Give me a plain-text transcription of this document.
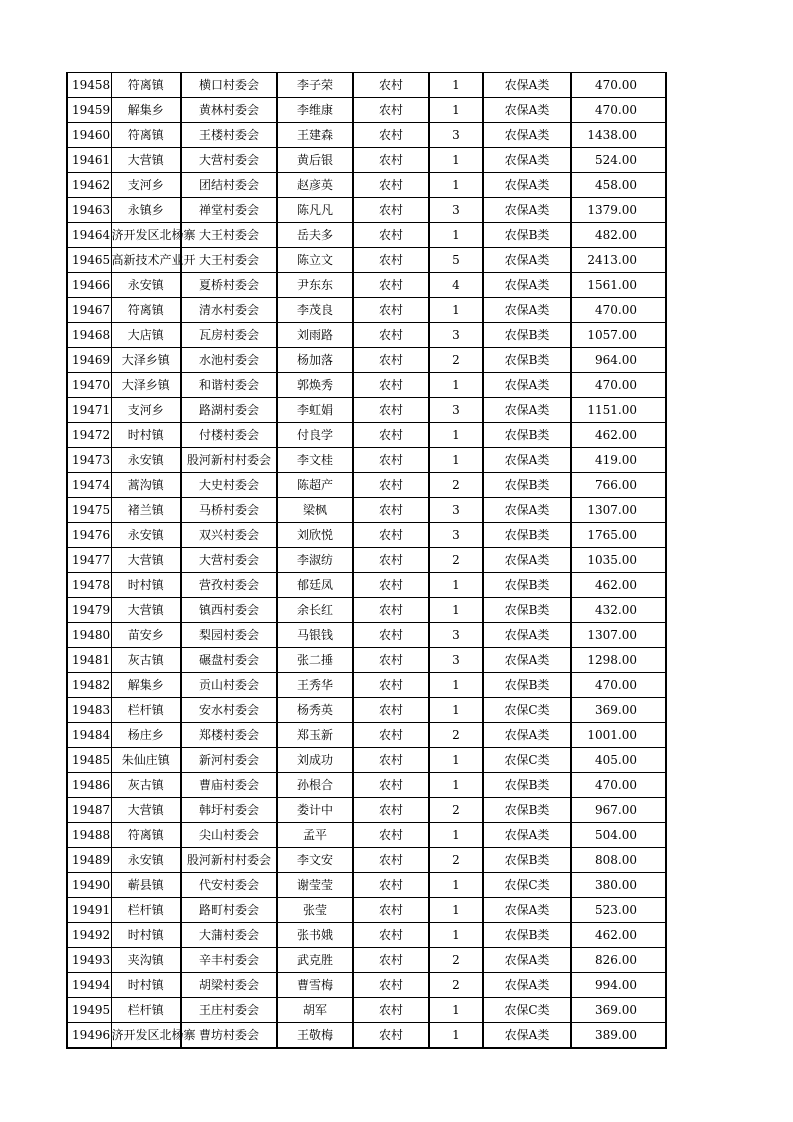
19458	符离镇	横口村委会	李子荣	农村	1	农保A类	470.00
19459	解集乡	黄林村委会	李维康	农村	1	农保A类	470.00
19460	符离镇	王楼村委会	王建森	农村	3	农保A类	1438.00
19461	大营镇	大营村委会	黄后银	农村	1	农保A类	524.00
19462	支河乡	团结村委会	赵彦英	农村	1	农保A类	458.00
19463	永镇乡	禅堂村委会	陈凡凡	农村	3	农保A类	1379.00
19464	济开发区北杨寨	大王村委会	岳夫多	农村	1	农保B类	482.00
19465	高新技术产业开	大王村委会	陈立文	农村	5	农保A类	2413.00
19466	永安镇	夏桥村委会	尹东东	农村	4	农保A类	1561.00
19467	符离镇	清水村委会	李茂良	农村	1	农保A类	470.00
19468	大店镇	瓦房村委会	刘雨路	农村	3	农保B类	1057.00
19469	大泽乡镇	水池村委会	杨加落	农村	2	农保B类	964.00
19470	大泽乡镇	和谐村委会	郭焕秀	农村	1	农保A类	470.00
19471	支河乡	路湖村委会	李虹娟	农村	3	农保A类	1151.00
19472	时村镇	付楼村委会	付良学	农村	1	农保B类	462.00
19473	永安镇	股河新村村委会	李文桂	农村	1	农保A类	419.00
19474	蒿沟镇	大史村委会	陈超产	农村	2	农保B类	766.00
19475	褚兰镇	马桥村委会	梁枫	农村	3	农保A类	1307.00
19476	永安镇	双兴村委会	刘欣悦	农村	3	农保B类	1765.00
19477	大营镇	大营村委会	李淑纺	农村	2	农保A类	1035.00
19478	时村镇	营孜村委会	郁廷凤	农村	1	农保B类	462.00
19479	大营镇	镇西村委会	余长红	农村	1	农保B类	432.00
19480	苗安乡	梨园村委会	马银钱	农村	3	农保A类	1307.00
19481	灰古镇	碾盘村委会	张二捶	农村	3	农保A类	1298.00
19482	解集乡	贡山村委会	王秀华	农村	1	农保B类	470.00
19483	栏杆镇	安水村委会	杨秀英	农村	1	农保C类	369.00
19484	杨庄乡	郑楼村委会	郑玉新	农村	2	农保A类	1001.00
19485	朱仙庄镇	新河村委会	刘成功	农村	1	农保C类	405.00
19486	灰古镇	曹庙村委会	孙根合	农村	1	农保B类	470.00
19487	大营镇	韩圩村委会	娄计中	农村	2	农保B类	967.00
19488	符离镇	尖山村委会	孟平	农村	1	农保A类	504.00
19489	永安镇	股河新村村委会	李文安	农村	2	农保B类	808.00
19490	蕲县镇	代安村委会	谢莹莹	农村	1	农保C类	380.00
19491	栏杆镇	路町村委会	张莹	农村	1	农保A类	523.00
19492	时村镇	大蒲村委会	张书娥	农村	1	农保B类	462.00
19493	夹沟镇	辛丰村委会	武克胜	农村	2	农保A类	826.00
19494	时村镇	胡梁村委会	曹雪梅	农村	2	农保A类	994.00
19495	栏杆镇	王庄村委会	胡军	农村	1	农保C类	369.00
19496	济开发区北杨寨	曹坊村委会	王敬梅	农村	1	农保A类	389.00
